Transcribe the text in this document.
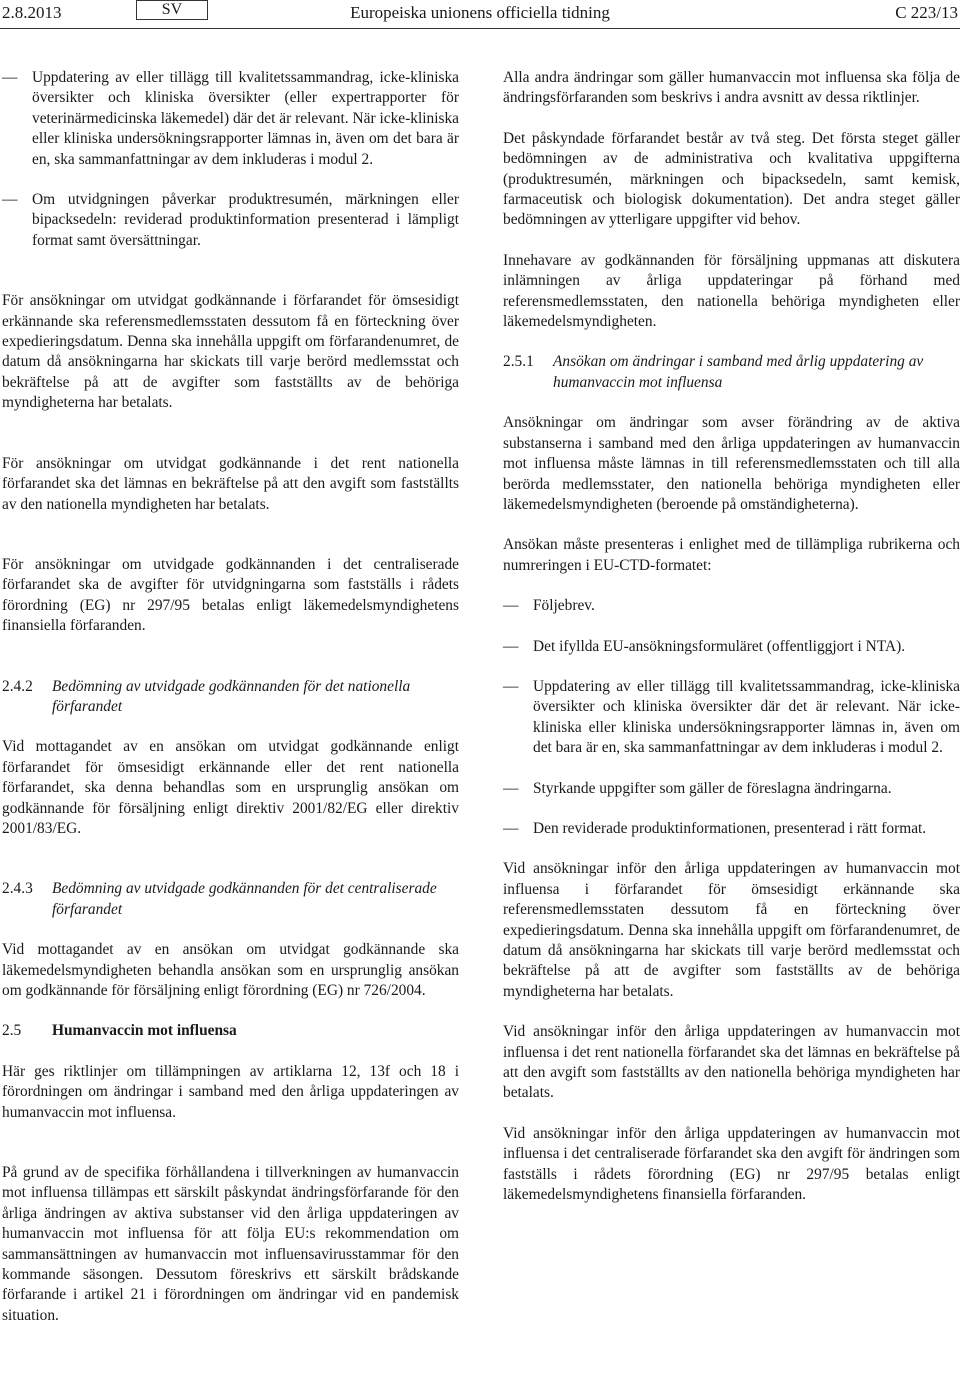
2.8.2013	SV	Europeiska unionens officiella tidning	C 223/13
— Uppdatering av eller tillägg till kvalitetssammandrag, icke-kliniska översikter och kliniska översikter (eller expertrapporter för veterinärmedicinska läkemedel) där det är relevant. När icke-kliniska eller kliniska undersökningsrapporter lämnas in, även om det bara är en, ska sammanfattningar av dem inkluderas i modul 2.
— Om utvidgningen påverkar produktresumén, märkningen eller bipacksedeln: reviderad produktinformation presenterad i lämpligt format samt översättningar.

För ansökningar om utvidgat godkännande i förfarandet för ömsesidigt erkännande ska referensmedlemsstaten dessutom få en förteckning över expedieringsdatum. Denna ska innehålla uppgift om förfarandenumret, de datum då ansökningarna har skickats till varje berörd medlemsstat och bekräftelse på att de avgifter som fastställts av de behöriga myndigheterna har betalats.

För ansökningar om utvidgat godkännande i det rent nationella förfarandet ska det lämnas en bekräftelse på att den avgift som fastställts av den nationella myndigheten har betalats.

För ansökningar om utvidgade godkännanden i det centraliserade förfarandet ska de avgifter för utvidgningarna som fastställs i rådets förordning (EG) nr 297/95 betalas enligt läkemedelsmyndighetens finansiella förfaranden.

2.4.2	Bedömning av utvidgade godkännanden för det nationella förfarandet

Vid mottagandet av en ansökan om utvidgat godkännande enligt förfarandet för ömsesidigt erkännande eller det rent nationella förfarandet, ska denna behandlas som en ursprunglig ansökan om godkännande för försäljning enligt direktiv 2001/82/EG eller direktiv 2001/83/EG.

2.4.3	Bedömning av utvidgade godkännanden för det centraliserade förfarandet

Vid mottagandet av en ansökan om utvidgat godkännande ska läkemedelsmyndigheten behandla ansökan som en ursprunglig ansökan om godkännande för försäljning enligt förordning (EG) nr 726/2004.

2.5	Humanvaccin mot influensa

Här ges riktlinjer om tillämpningen av artiklarna 12, 13f och 18 i förordningen om ändringar i samband med den årliga uppdateringen av humanvaccin mot influensa.

På grund av de specifika förhållandena i tillverkningen av humanvaccin mot influensa tillämpas ett särskilt påskyndat ändringsförfarande för den årliga ändringen av aktiva substanser vid den årliga uppdateringen av humanvaccin mot influensa för att följa EU:s rekommendation om sammansättningen av humanvaccin mot influensavirusstammar för den kommande säsongen. Dessutom föreskrivs ett särskilt brådskande förfarande i artikel 21 i förordningen om ändringar vid en pandemisk situation.

Alla andra ändringar som gäller humanvaccin mot influensa ska följa de ändringsförfaranden som beskrivs i andra avsnitt av dessa riktlinjer.

Det påskyndade förfarandet består av två steg. Det första steget gäller bedömningen av de administrativa och kvalitativa uppgifterna (produktresumén, märkningen och bipacksedeln, samt kemisk, farmaceutisk och biologisk dokumentation). Det andra steget gäller bedömningen av ytterligare uppgifter vid behov.

Innehavare av godkännanden för försäljning uppmanas att diskutera inlämningen av årliga uppdateringar på förhand med referensmedlemsstaten, den nationella behöriga myndigheten eller läkemedelsmyndigheten.

2.5.1	Ansökan om ändringar i samband med årlig uppdatering av humanvaccin mot influensa

Ansökningar om ändringar som avser förändring av de aktiva substanserna i samband med den årliga uppdateringen av humanvaccin mot influensa måste lämnas in till referensmedlemsstaten och till alla berörda medlemsstater, den nationella behöriga myndigheten eller läkemedelsmyndigheten (beroende på omständigheterna).

Ansökan måste presenteras i enlighet med de tillämpliga rubrikerna och numreringen i EU-CTD-formatet:

— Följebrev.
— Det ifyllda EU-ansökningsformuläret (offentliggjort i NTA).
— Uppdatering av eller tillägg till kvalitetssammandrag, icke-kliniska översikter och kliniska översikter där det är relevant. När icke-kliniska eller kliniska undersökningsrapporter lämnas in, även om det bara är en, ska sammanfattningar av dem inkluderas i modul 2.
— Styrkande uppgifter som gäller de föreslagna ändringarna.
— Den reviderade produktinformationen, presenterad i rätt format.

Vid ansökningar inför den årliga uppdateringen av humanvaccin mot influensa i förfarandet för ömsesidigt erkännande ska referensmedlemsstaten dessutom få en förteckning över expedieringsdatum. Denna ska innehålla uppgift om förfarandenumret, de datum då ansökningarna har skickats till varje berörd medlemsstat och bekräftelse på att de avgifter som fastställts av de behöriga myndigheterna har betalats.

Vid ansökningar inför den årliga uppdateringen av humanvaccin mot influensa i det rent nationella förfarandet ska det lämnas en bekräftelse på att den avgift som fastställts av den nationella behöriga myndigheten har betalats.

Vid ansökningar inför den årliga uppdateringen av humanvaccin mot influensa i det centraliserade förfarandet ska den avgift för ändringen som fastställs i rådets förordning (EG) nr 297/95 betalas enligt läkemedelsmyndighetens finansiella förfaranden.
